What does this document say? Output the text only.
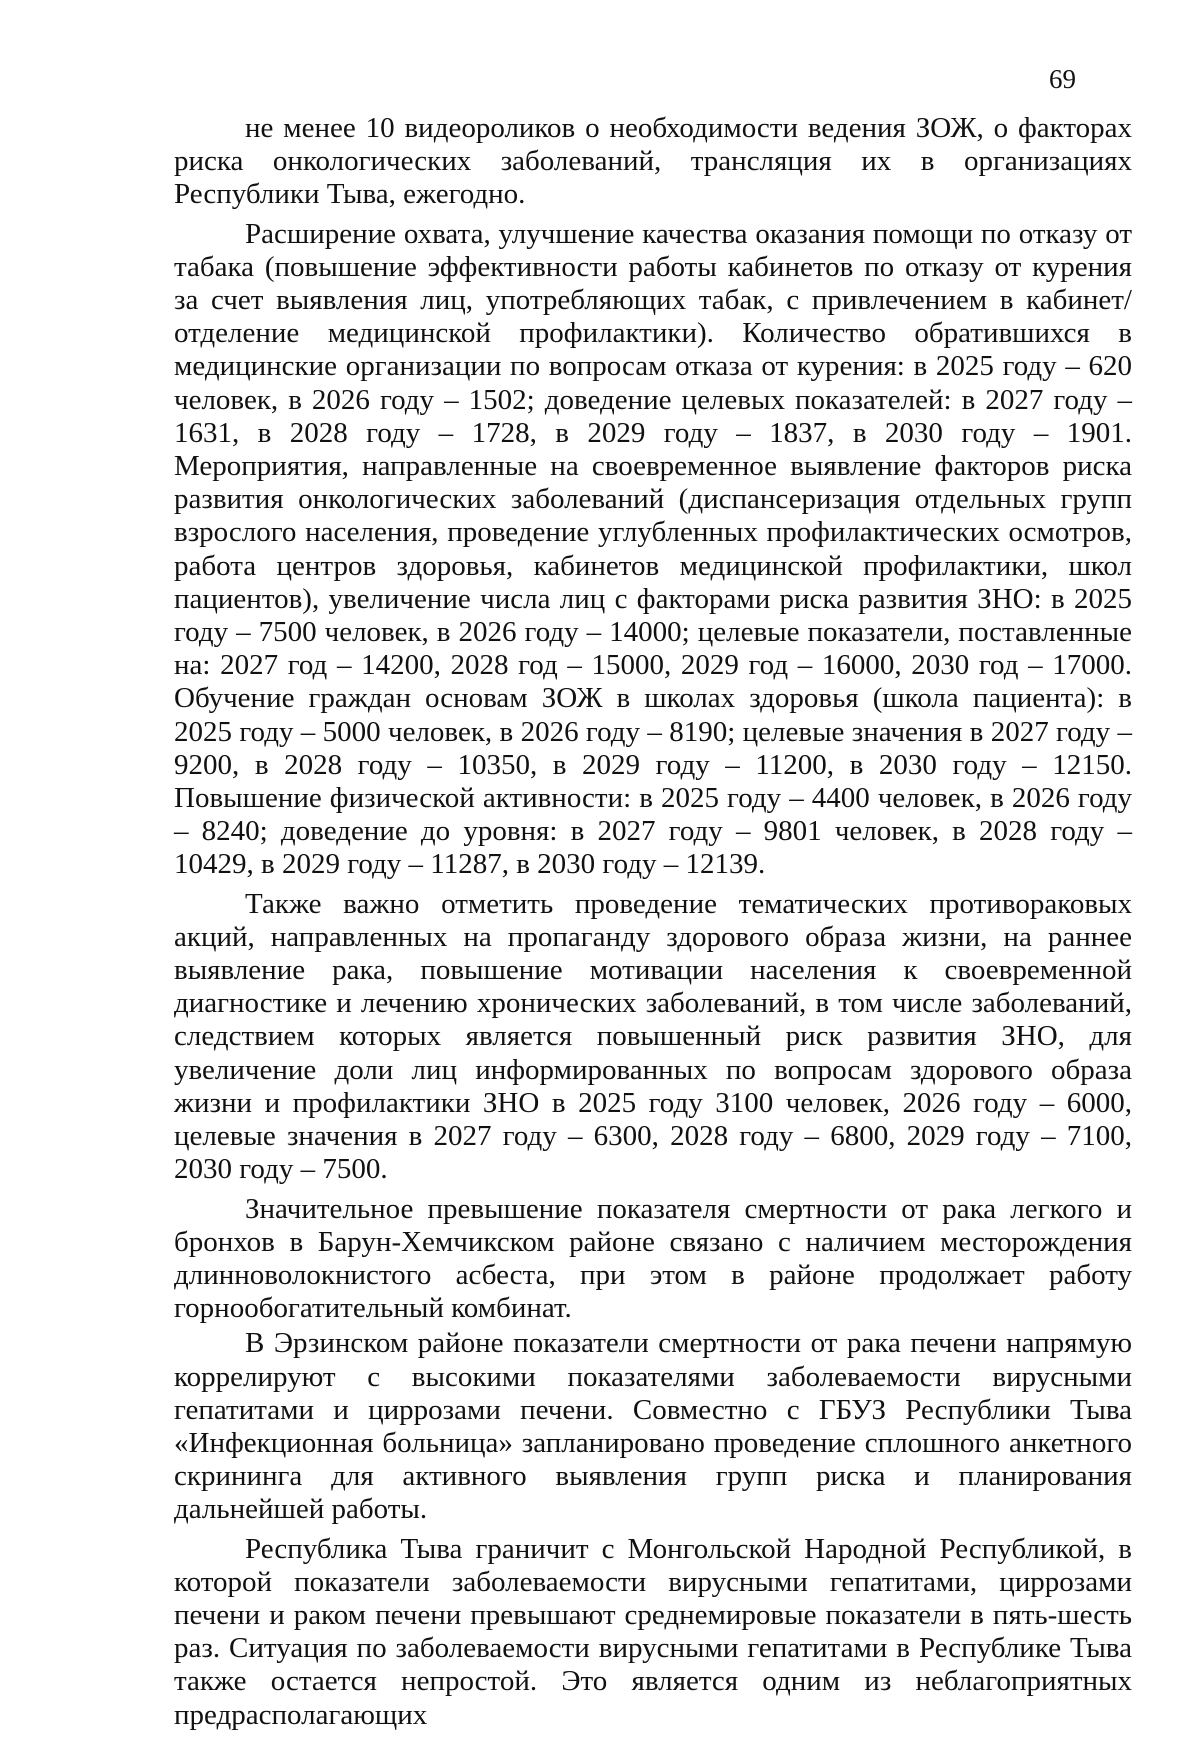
69

не менее 10 видеороликов о необходимости ведения ЗОЖ, о факторах риска онкологических заболеваний, трансляция их в организациях Республики Тыва, ежегодно.

Расширение охвата, улучшение качества оказания помощи по отказу от табака (повышение эффективности работы кабинетов по отказу от курения за счет выявления лиц, употребляющих табак, с привлечением в кабинет/отделение медицинской профилактики). Количество обратившихся в медицинские организации по вопросам отказа от курения: в 2025 году – 620 человек, в 2026 году – 1502; доведение целевых показателей: в 2027 году – 1631, в 2028 году – 1728, в 2029 году – 1837, в 2030 году – 1901. Мероприятия, направленные на своевременное выявление факторов риска развития онкологических заболеваний (диспансеризация отдельных групп взрослого населения, проведение углубленных профилактических осмотров, работа центров здоровья, кабинетов медицинской профилактики, школ пациентов), увеличение числа лиц с факторами риска развития ЗНО: в 2025 году – 7500 человек, в 2026 году – 14000; целевые показатели, поставленные на: 2027 год – 14200, 2028 год – 15000, 2029 год – 16000, 2030 год – 17000. Обучение граждан основам ЗОЖ в школах здоровья (школа пациента): в 2025 году – 5000 человек, в 2026 году – 8190; целевые значения в 2027 году – 9200, в 2028 году – 10350, в 2029 году – 11200, в 2030 году – 12150. Повышение физической активности: в 2025 году – 4400 человек, в 2026 году – 8240; доведение до уровня: в 2027 году – 9801 человек, в 2028 году – 10429, в 2029 году – 11287, в 2030 году – 12139.

Также важно отметить проведение тематических противораковых акций, направленных на пропаганду здорового образа жизни, на раннее выявление рака, повышение мотивации населения к своевременной диагностике и лечению хронических заболеваний, в том числе заболеваний, следствием которых является повышенный риск развития ЗНО, для увеличение доли лиц информированных по вопросам здорового образа жизни и профилактики ЗНО в 2025 году 3100 человек, 2026 году – 6000, целевые значения в 2027 году – 6300, 2028 году – 6800, 2029 году – 7100, 2030 году – 7500.

Значительное превышение показателя смертности от рака легкого и бронхов в Барун-Хемчикском районе связано с наличием месторождения длинноволокнистого асбеста, при этом в районе продолжает работу горнообогатительный комбинат.

В Эрзинском районе показатели смертности от рака печени напрямую коррелируют с высокими показателями заболеваемости вирусными гепатитами и циррозами печени. Совместно с ГБУЗ Республики Тыва «Инфекционная больница» запланировано проведение сплошного анкетного скрининга для активного выявления групп риска и планирования дальнейшей работы.

Республика Тыва граничит с Монгольской Народной Республикой, в которой показатели заболеваемости вирусными гепатитами, циррозами печени и раком печени превышают среднемировые показатели в пять-шесть раз. Ситуация по заболеваемости вирусными гепатитами в Республике Тыва также остается непростой. Это является одним из неблагоприятных предрасполагающих
